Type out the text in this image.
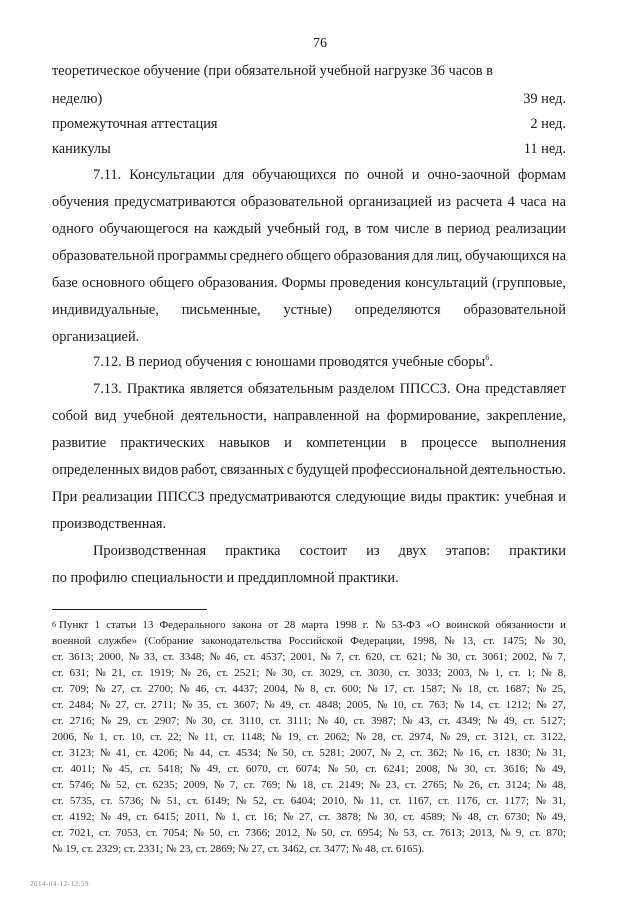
76
теоретическое обучение (при обязательной учебной нагрузке 36 часов в
неделю)	39 нед.
промежуточная аттестация	2 нед.
каникулы	11 нед.
7.11. Консультации для обучающихся по очной и очно-заочной формам
обучения предусматриваются образовательной организацией из расчета 4 часа на
одного обучающегося на каждый учебный год, в том числе в период реализации
образовательной программы среднего общего образования для лиц, обучающихся на
базе основного общего образования. Формы проведения консультаций (групповые,
индивидуальные, письменные, устные) определяются образовательной
организацией.
7.12. В период обучения с юношами проводятся учебные сборы$^6$.
7.13. Практика является обязательным разделом ППССЗ. Она представляет
собой вид учебной деятельности, направленной на формирование, закрепление,
развитие практических навыков и компетенции в процессе выполнения
определенных видов работ, связанных с будущей профессиональной деятельностью.
При реализации ППССЗ предусматриваются следующие виды практик: учебная и
производственная.
Производственная практика состоит из двух этапов: практики
по профилю специальности и преддипломной практики.
6 Пункт 1 статьи 13 Федерального закона от 28 марта 1998 г. № 53-ФЗ «О воинской обязанности и
военной службе» (Собрание законодательства Российской Федерации, 1998, № 13, ст. 1475; № 30,
ст. 3613; 2000, № 33, ст. 3348; № 46, ст. 4537; 2001, № 7, ст. 620, ст. 621; № 30, ст. 3061; 2002, № 7,
ст. 631; № 21, ст. 1919; № 26, ст. 2521; № 30, ст. 3029, ст. 3030, ст. 3033; 2003, № 1, ст. 1; № 8,
ст. 709; № 27, ст. 2700; № 46, ст. 4437; 2004, № 8, ст. 600; № 17, ст. 1587; № 18, ст. 1687; № 25,
ст. 2484; № 27, ст. 2711; № 35, ст. 3607; № 49, ст. 4848; 2005, № 10, ст. 763; № 14, ст. 1212; № 27,
ст. 2716; № 29, ст. 2907; № 30, ст. 3110, ст. 3111; № 40, ст. 3987; № 43, ст. 4349; № 49, ст. 5127;
2006, № 1, ст. 10, ст. 22; № 11, ст. 1148; № 19, ст. 2062; № 28, ст. 2974, № 29, ст. 3121, ст. 3122,
ст. 3123; № 41, ст. 4206; № 44, ст. 4534; № 50, ст. 5281; 2007, № 2, ст. 362; № 16, ст. 1830; № 31,
ст. 4011; № 45, ст. 5418; № 49, ст. 6070, ст. 6074; № 50, ст. 6241; 2008, № 30, ст. 3616; № 49,
ст. 5746; № 52, ст. 6235; 2009, № 7, ст. 769; № 18, ст. 2149; № 23, ст. 2765; № 26, ст. 3124; № 48,
ст. 5735, ст. 5736; № 51, ст. 6149; № 52, ст. 6404; 2010, № 11, ст. 1167, ст. 1176, ст. 1177; № 31,
ст. 4192; № 49, ст. 6415; 2011, № 1, ст. 16; № 27, ст. 3878; № 30, ст. 4589; № 48, ст. 6730; № 49,
ст. 7021, ст. 7053, ст. 7054; № 50, ст. 7366; 2012, № 50, ст. 6954; № 53, ст. 7613; 2013, № 9, ст. 870;
№ 19, ст. 2329; ст. 2331; № 23, ст. 2869; № 27, ст. 3462, ст. 3477; № 48, ст. 6165).
2014-04-12-12:59
